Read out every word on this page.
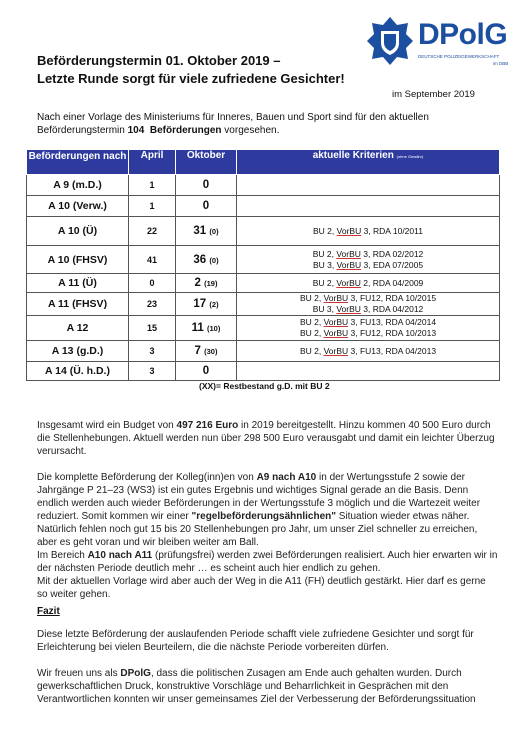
DPolG
DEUTSCHE POLIZEIGEWERKSCHAFT
im DBB
Beförderungstermin 01. Oktober 2019 –
Letzte Runde sorgt für viele zufriedene Gesichter!
im September 2019
Nach einer Vorlage des Ministeriums für Inneres, Bauen und Sport sind für den aktuellen Beförderungstermin 104 Beförderungen vorgesehen.
Beförderungen nach	April	Oktober	aktuelle Kriterien (ohne Gewähr)
A 9 (m.D.)	1	0	
A 10 (Verw.)	1	0	
A 10 (Ü)	22	31 (0)	BU 2, VorBU 3, RDA 10/2011

A 10 (FHSV)	41	36 (0)	BU 2, VorBU 3, RDA 02/2012
BU 3, VorBU 3, EDA 07/2005

A 11 (Ü)	0	2 (19)	BU 2, VorBU 2, RDA 04/2009

A 11 (FHSV)	23	17 (2)	BU 2, VorBU 3, FU12, RDA 10/2015
BU 3, VorBU 3, RDA 04/2012

A 12	15	11 (10)	BU 2, VorBU 3, FU13, RDA 04/2014
BU 2, VorBU 3, FU12, RDA 10/2013

A 13 (g.D.)	3	7 (30)	BU 2, VorBU 3, FU13, RDA 04/2013

A 14 (Ü. h.D.)	3	0	
(XX)= Restbestand g.D. mit BU 2
Insgesamt wird ein Budget von 497 216 Euro in 2019 bereitgestellt. Hinzu kommen 40 500 Euro durch die Stellenhebungen. Aktuell werden nun über 298 500 Euro verausgabt und damit ein leichter Überzug verursacht.
Die komplette Beförderung der Kolleg(inn)en von A9 nach A10 in der Wertungsstufe 2 sowie der Jahrgänge P 21–23 (WS3) ist ein gutes Ergebnis und wichtiges Signal gerade an die Basis. Denn endlich werden auch wieder Beförderungen in der Wertungsstufe 3 möglich und die Wartezeit weiter reduziert. Somit kommen wir einer "regelbeförderungsähnlichen" Situation wieder etwas näher. Natürlich fehlen noch gut 15 bis 20 Stellenhebungen pro Jahr, um unser Ziel schneller zu erreichen, aber es geht voran und wir bleiben weiter am Ball.
Im Bereich A10 nach A11 (prüfungsfrei) werden zwei Beförderungen realisiert. Auch hier erwarten wir in der nächsten Periode deutlich mehr … es scheint auch hier endlich zu gehen.
Mit der aktuellen Vorlage wird aber auch der Weg in die A11 (FH) deutlich gestärkt. Hier darf es gerne so weiter gehen.
Fazit
Diese letzte Beförderung der auslaufenden Periode schafft viele zufriedene Gesichter und sorgt für Erleichterung bei vielen Beurteilern, die die nächste Periode vorbereiten dürfen.
Wir freuen uns als DPolG, dass die politischen Zusagen am Ende auch gehalten wurden. Durch gewerkschaftlichen Druck, konstruktive Vorschläge und Beharrlichkeit in Gesprächen mit den Verantwortlichen konnten wir unser gemeinsames Ziel der Verbesserung der Beförderungssituation
